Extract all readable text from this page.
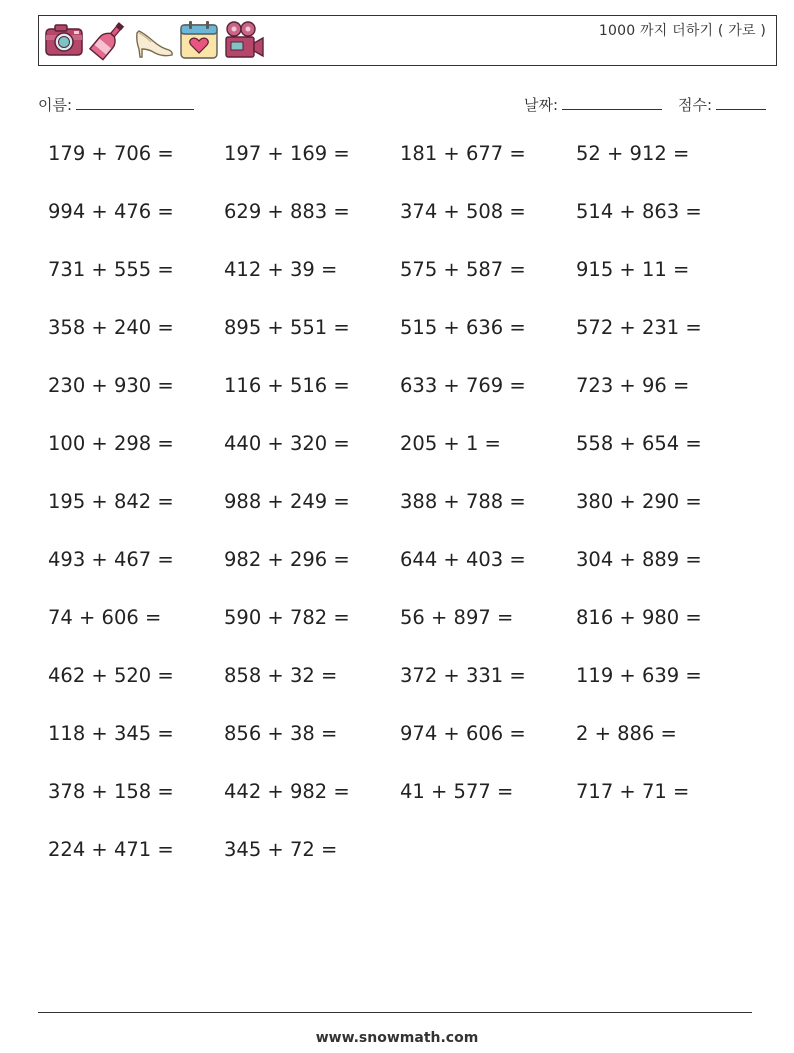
1000 까지 더하기 ( 가로 )
이름:	날짜:	점수:
179 + 706 =	197 + 169 =	181 + 677 =	52 + 912 =
994 + 476 =	629 + 883 =	374 + 508 =	514 + 863 =
731 + 555 =	412 + 39 =	575 + 587 =	915 + 11 =
358 + 240 =	895 + 551 =	515 + 636 =	572 + 231 =
230 + 930 =	116 + 516 =	633 + 769 =	723 + 96 =
100 + 298 =	440 + 320 =	205 + 1 =	558 + 654 =
195 + 842 =	988 + 249 =	388 + 788 =	380 + 290 =
493 + 467 =	982 + 296 =	644 + 403 =	304 + 889 =
74 + 606 =	590 + 782 =	56 + 897 =	816 + 980 =
462 + 520 =	858 + 32 =	372 + 331 =	119 + 639 =
118 + 345 =	856 + 38 =	974 + 606 =	2 + 886 =
378 + 158 =	442 + 982 =	41 + 577 =	717 + 71 =
224 + 471 =	345 + 72 =
www.snowmath.com
